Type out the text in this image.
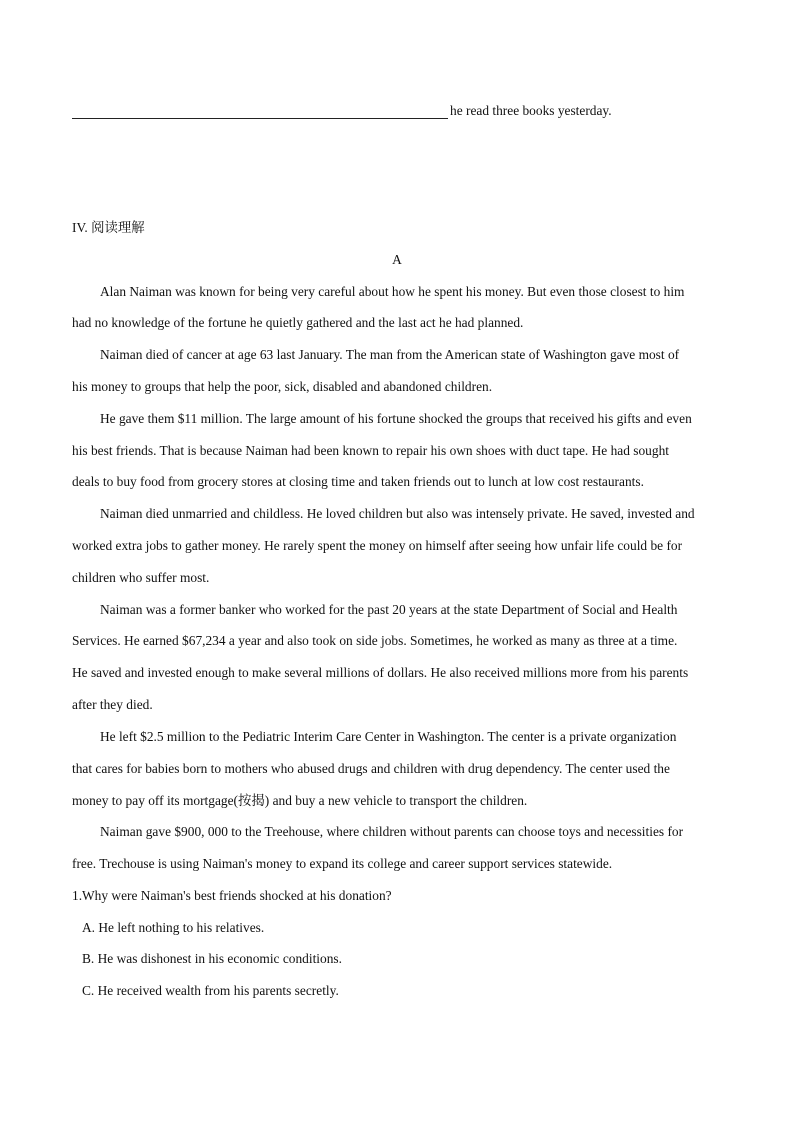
he read three books yesterday.
IV. 阅读理解
A
Alan Naiman was known for being very careful about how he spent his money. But even those closest to him
had no knowledge of the fortune he quietly gathered and the last act he had planned.
Naiman died of cancer at age 63 last January. The man from the American state of Washington gave most of
his money to groups that help the poor, sick, disabled and abandoned children.
He gave them $11 million. The large amount of his fortune shocked the groups that received his gifts and even
his best friends. That is because Naiman had been known to repair his own shoes with duct tape. He had sought
deals to buy food from grocery stores at closing time and taken friends out to lunch at low cost restaurants.
Naiman died unmarried and childless. He loved children but also was intensely private. He saved, invested and
worked extra jobs to gather money. He rarely spent the money on himself after seeing how unfair life could be for
children who suffer most.
Naiman was a former banker who worked for the past 20 years at the state Department of Social and Health
Services. He earned $67,234 a year and also took on side jobs. Sometimes, he worked as many as three at a time.
He saved and invested enough to make several millions of dollars. He also received millions more from his parents
after they died.
He left $2.5 million to the Pediatric Interim Care Center in Washington. The center is a private organization
that cares for babies born to mothers who abused drugs and children with drug dependency. The center used the
money to pay off its mortgage(按揭) and buy a new vehicle to transport the children.
Naiman gave $900, 000 to the Treehouse, where children without parents can choose toys and necessities for
free. Trechouse is using Naiman's money to expand its college and career support services statewide.
1.Why were Naiman's best friends shocked at his donation?
A. He left nothing to his relatives.
B. He was dishonest in his economic conditions.
C. He received wealth from his parents secretly.
